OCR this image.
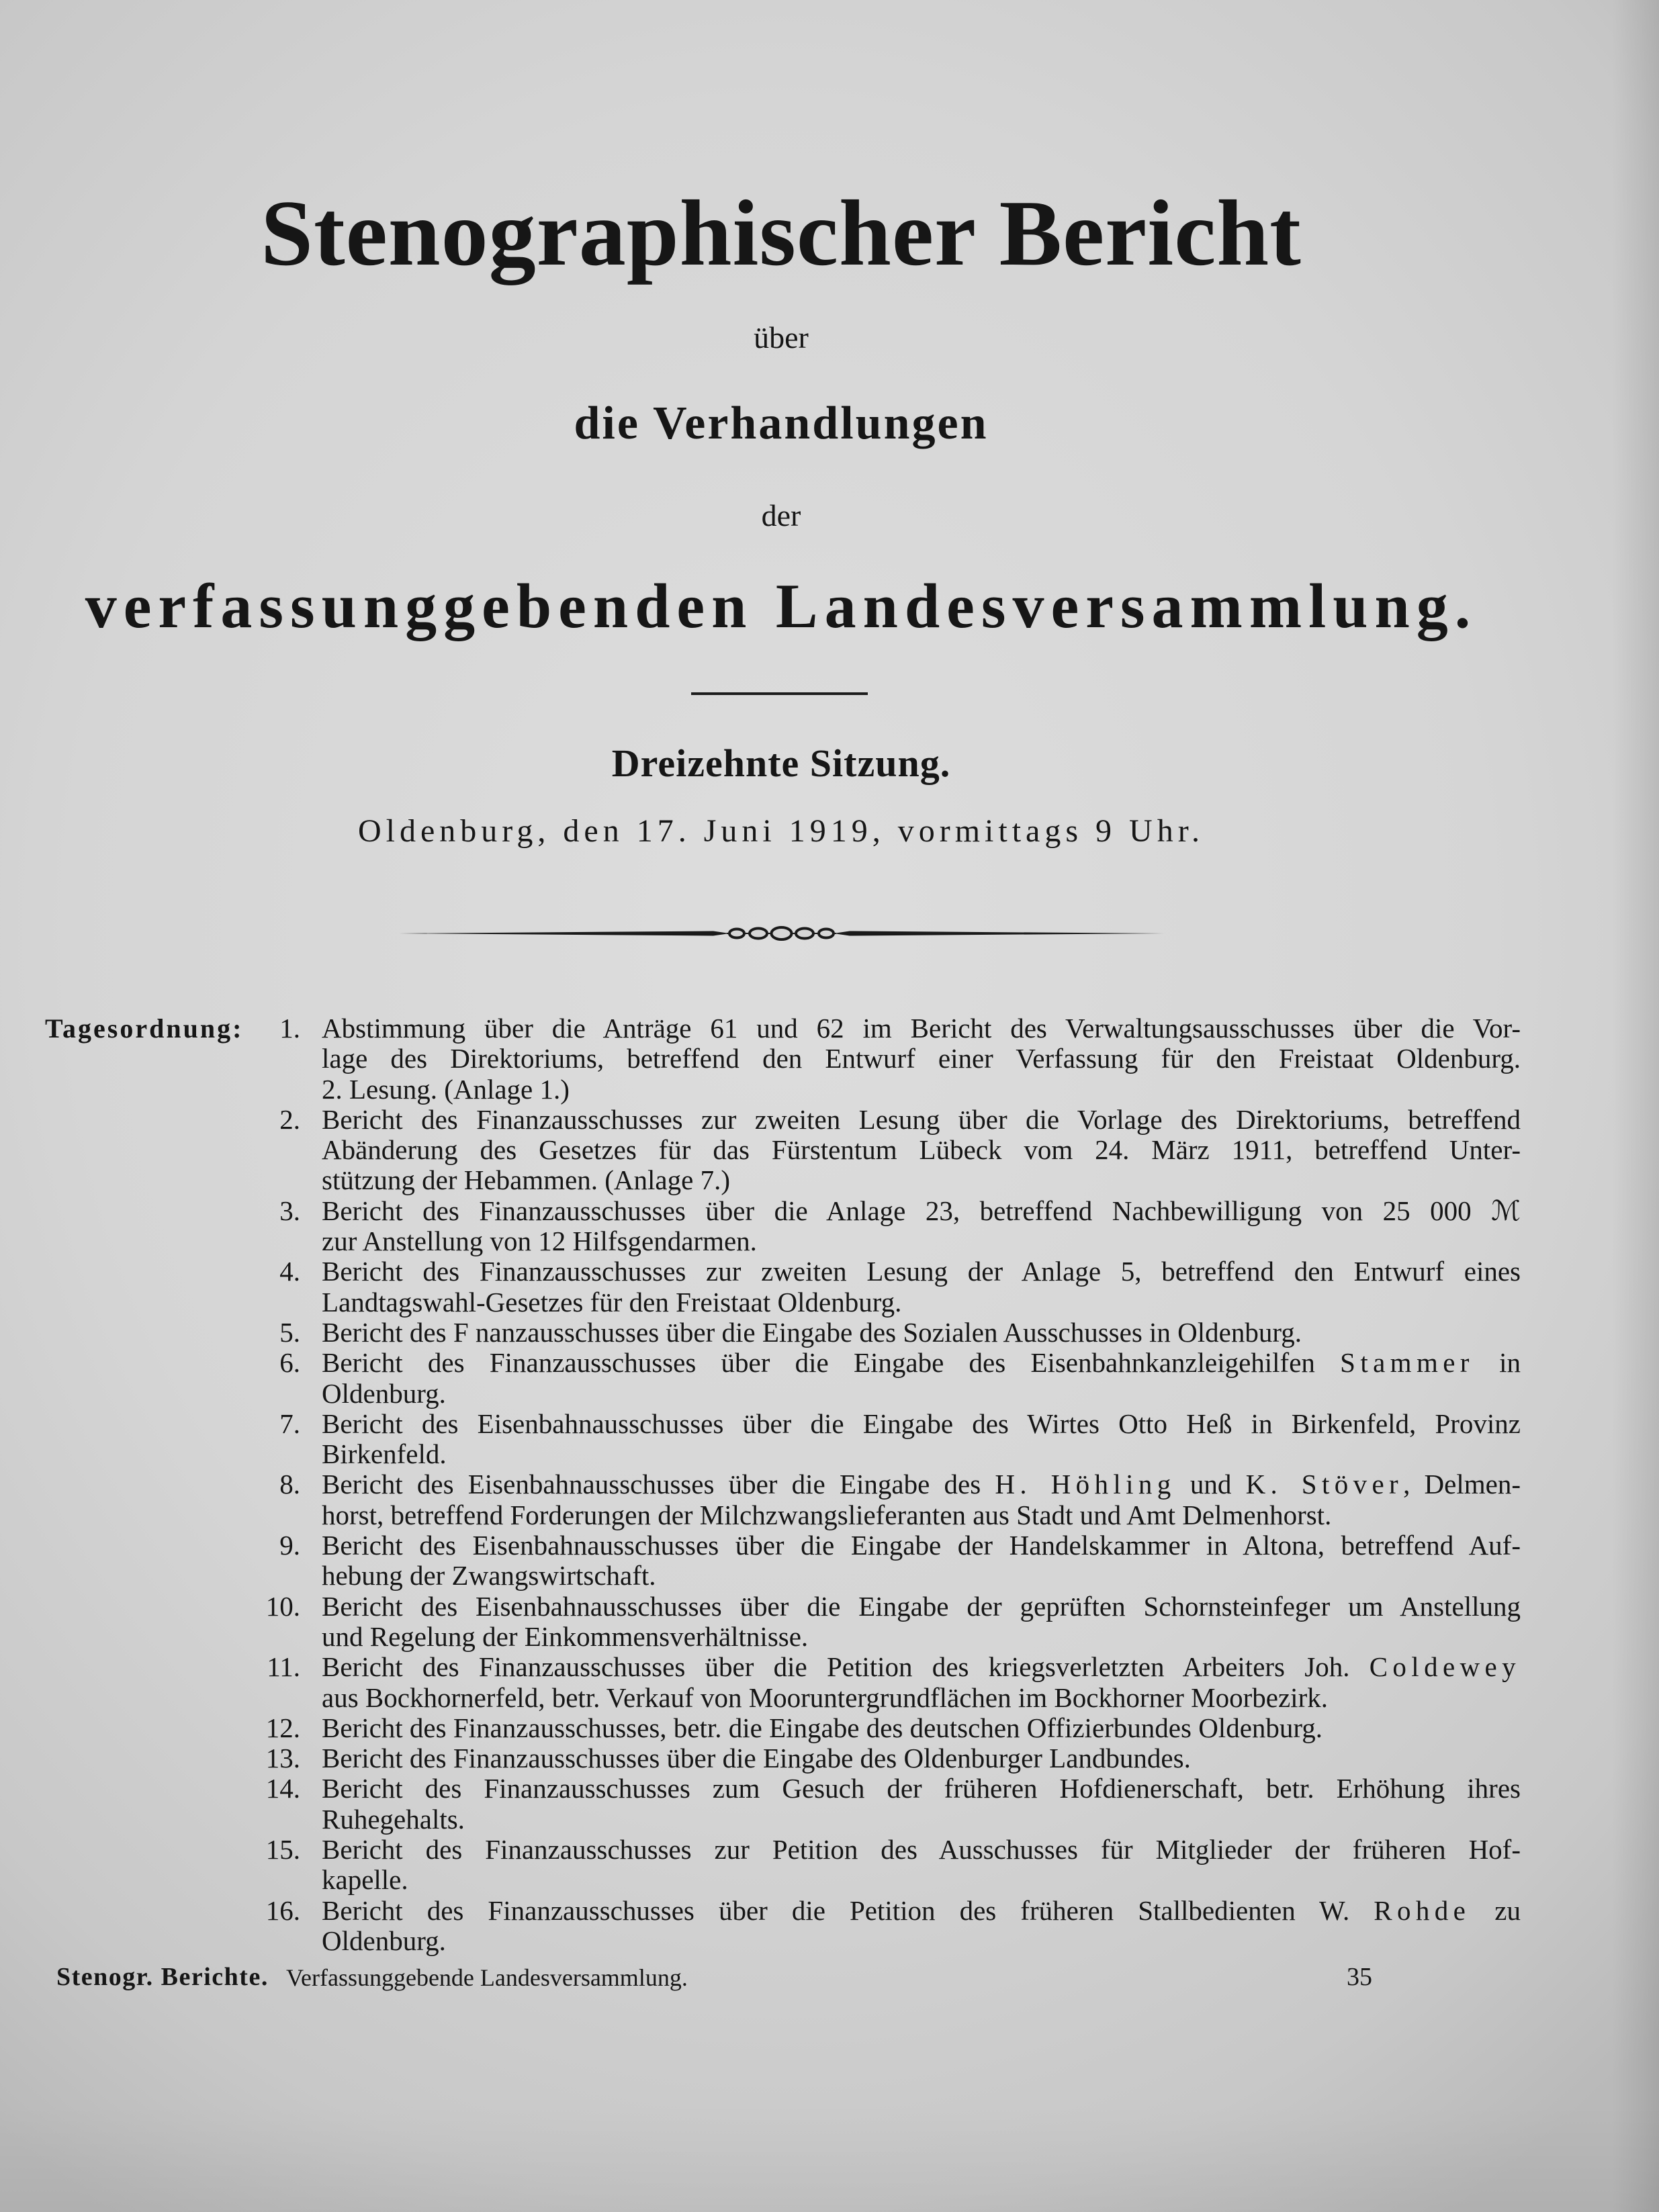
Stenographischer Bericht
über
die Verhandlungen
der
verfassunggebenden Landesversammlung.
Dreizehnte Sitzung.
Oldenburg, den 17. Juni 1919, vormittags 9 Uhr.
Tagesordnung:	1. Abstimmung über die Anträge 61 und 62 im Bericht des Verwaltungsausschusses über die Vor-
lage des Direktoriums, betreffend den Entwurf einer Verfassung für den Freistaat Oldenburg.
2. Lesung. (Anlage 1.)
2. Bericht des Finanzausschusses zur zweiten Lesung über die Vorlage des Direktoriums, betreffend
Abänderung des Gesetzes für das Fürstentum Lübeck vom 24. März 1911, betreffend Unter-
stützung der Hebammen. (Anlage 7.)
3. Bericht des Finanzausschusses über die Anlage 23, betreffend Nachbewilligung von 25 000 ℳ
zur Anstellung von 12 Hilfsgendarmen.
4. Bericht des Finanzausschusses zur zweiten Lesung der Anlage 5, betreffend den Entwurf eines
Landtagswahl-Gesetzes für den Freistaat Oldenburg.
5. Bericht des F nanzausschusses über die Eingabe des Sozialen Ausschusses in Oldenburg.
6. Bericht des Finanzausschusses über die Eingabe des Eisenbahnkanzleigehilfen Stammer in
Oldenburg.
7. Bericht des Eisenbahnausschusses über die Eingabe des Wirtes Otto Heß in Birkenfeld, Provinz
Birkenfeld.
8. Bericht des Eisenbahnausschusses über die Eingabe des H. Höhling und K. Stöver, Delmen-
horst, betreffend Forderungen der Milchzwangslieferanten aus Stadt und Amt Delmenhorst.
9. Bericht des Eisenbahnausschusses über die Eingabe der Handelskammer in Altona, betreffend Auf-
hebung der Zwangswirtschaft.
10. Bericht des Eisenbahnausschusses über die Eingabe der geprüften Schornsteinfeger um Anstellung
und Regelung der Einkommensverhältnisse.
11. Bericht des Finanzausschusses über die Petition des kriegsverletzten Arbeiters Joh. Coldewey
aus Bockhornerfeld, betr. Verkauf von Mooruntergrundflächen im Bockhorner Moorbezirk.
12. Bericht des Finanzausschusses, betr. die Eingabe des deutschen Offizierbundes Oldenburg.
13. Bericht des Finanzausschusses über die Eingabe des Oldenburger Landbundes.
14. Bericht des Finanzausschusses zum Gesuch der früheren Hofdienerschaft, betr. Erhöhung ihres
Ruhegehalts.
15. Bericht des Finanzausschusses zur Petition des Ausschusses für Mitglieder der früheren Hof-
kapelle.
16. Bericht des Finanzausschusses über die Petition des früheren Stallbedienten W. Rohde zu
Oldenburg.
Stenogr. Berichte. Verfassunggebende Landesversammlung.	35
